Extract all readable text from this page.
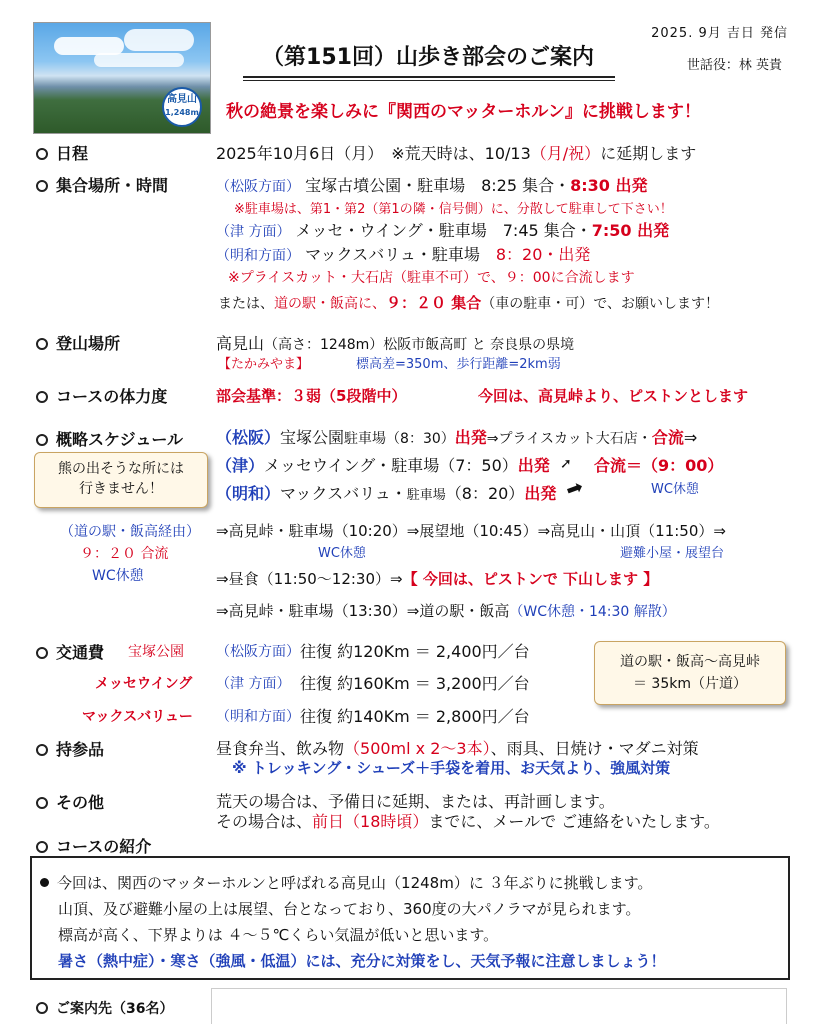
高見山
1,248m
（第151回）山歩き部会のご案内
2025. 9月 吉日 発信
世話役：林 英貴
秋の絶景を楽しみに『関西のマッターホルン』に挑戦します！
日程	2025年10月6日（月）　※荒天時は、10/13（月/祝）に延期します
集合場所・時間	（松阪方面） 宝塚古墳公園・駐車場　8:25 集合・8:30 出発
※駐車場は、第1・第2（第1の隣・信号側）に、分散して駐車して下さい！
（津 方面） メッセ・ウイング・駐車場　7:45 集合・7:50 出発
（明和方面） マックスバリュ・駐車場　8：20・出発
※プライスカット・大石店（駐車不可）で、９：00に合流します
または、道の駅・飯高に、９：２０ 集合（車の駐車・可）で、お願いします！
登山場所	高見山（高さ：1248m）松阪市飯高町 と 奈良県の県境
【たかみやま】	標高差=350m、歩行距離=2km弱
コースの体力度	部会基準：３弱（5段階中）	今回は、高見峠より、ピストンとします
概略スケジュール
熊の出そうな所には
行きません！
（松阪）宝塚公園駐車場（8：30）出発⇒プライスカット大石店・合流⇒
（津）メッセウイング・駐車場（7：50）出発 ➚ 合流＝（9：00）
WC休憩
（明和）マックスバリュ・駐車場（8：20）出発 ➡
（道の駅・飯高経由）
９：２０ 合流
WC休憩
⇒高見峠・駐車場（10:20）⇒展望地（10:45）⇒高見山・山頂（11:50）⇒
WC休憩	避難小屋・展望台
⇒昼食（11:50〜12:30）⇒【 今回は、ピストンで 下山します 】
⇒高見峠・駐車場（13:30）⇒道の駅・飯高（WC休憩・14:30 解散）
交通費 宝塚公園 （松阪方面） 往復 約120Km ＝ 2,400円／台
メッセウイング （津 方面） 往復 約160Km ＝ 3,200円／台
マックスバリュー （明和方面） 往復 約140Km ＝ 2,800円／台
道の駅・飯高〜高見峠
＝ 35km（片道）
持参品	昼食弁当、飲み物（500ml x 2〜3本）、雨具、日焼け・マダニ対策
※ トレッキング・シューズ＋手袋を着用、お天気より、強風対策
その他	荒天の場合は、予備日に延期、または、再計画します。
その場合は、前日（18時頃）までに、メールで ご連絡をいたします。
コースの紹介
今回は、関西のマッターホルンと呼ばれる高見山（1248m）に ３年ぶりに挑戦します。
山頂、及び避難小屋の上は展望、台となっており、360度の大パノラマが見られます。
標高が高く、下界よりは ４〜５℃くらい気温が低いと思います。
暑さ（熱中症）・寒さ（強風・低温）には、充分に対策をし、天気予報に注意しましょう！
ご案内先（36名）
